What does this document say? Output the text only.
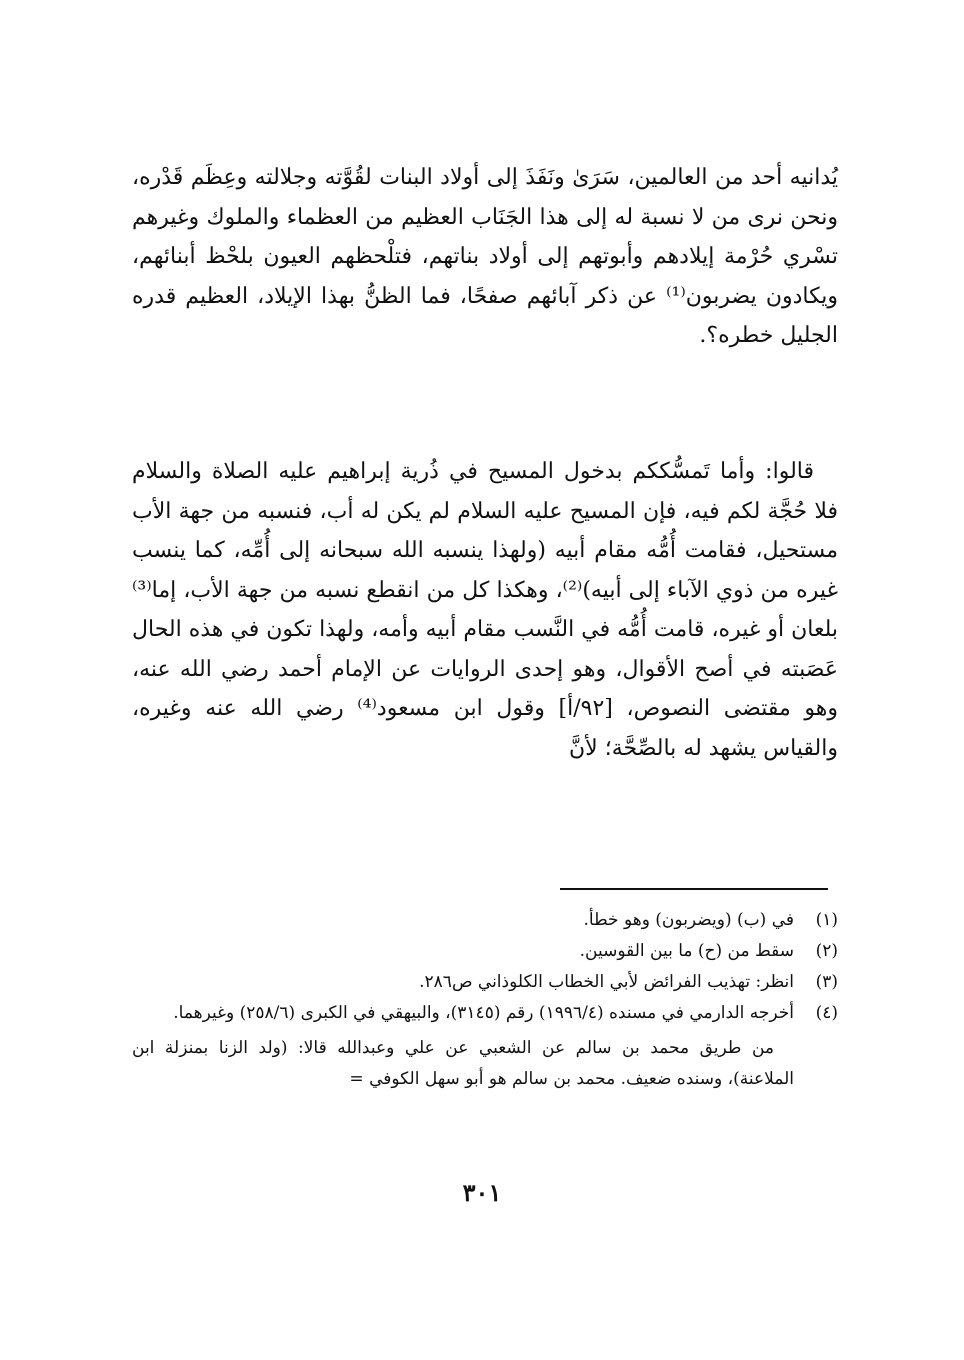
يُدانيه أحد من العالمين، سَرَىٰ ونَفَذَ إلى أولاد البنات لقُوَّته وجلالته وعِظَم قَدْره، ونحن نرى من لا نسبة له إلى هذا الجَنَاب العظيم من العظماء والملوك وغيرهم تسْري حُرْمة إيلادهم وأبوتهم إلى أولاد بناتهم، فتلْحظهم العيون بلحْظ أبنائهم، ويكادون يضربون⁽¹⁾ عن ذكر آبائهم صفحًا، فما الظنُّ بهذا الإيلاد، العظيم قدره الجليل خطره؟.

قالوا: وأما تَمسُّككم بدخول المسيح في ذُرية إبراهيم عليه الصلاة والسلام فلا حُجَّة لكم فيه، فإن المسيح عليه السلام لم يكن له أب، فنسبه من جهة الأب مستحيل، فقامت أُمُّه مقام أبيه (ولهذا ينسبه الله سبحانه إلى أُمِّه، كما ينسب غيره من ذوي الآباء إلى أبيه)⁽²⁾، وهكذا كل من انقطع نسبه من جهة الأب، إما⁽³⁾ بلعان أو غيره، قامت أُمُّه في النَّسب مقام أبيه وأمه، ولهذا تكون في هذه الحال عَصَبته في أصح الأقوال، وهو إحدى الروايات عن الإمام أحمد رضي الله عنه، وهو مقتضى النصوص، [٩٢/أ] وقول ابن مسعود⁽⁴⁾ رضي الله عنه وغيره، والقياس يشهد له بالصِّحَّة؛ لأنَّ

(١)
في (ب) (ويضربون) وهو خطأ.
(٢)
سقط من (ح) ما بين القوسين.
(٣)
انظر: تهذيب الفرائض لأبي الخطاب الكلوذاني ص٢٨٦.
(٤)
أخرجه الدارمي في مسنده (١٩٩٦/٤) رقم (٣١٤٥)، والبيهقي في الكبرى (٢٥٨/٦) وغيرهما.

من طريق محمد بن سالم عن الشعبي عن علي وعبدالله قالا: (ولد الزنا بمنزلة ابن الملاعنة)، وسنده ضعيف. محمد بن سالم هو أبو سهل الكوفي =

٣٠١
